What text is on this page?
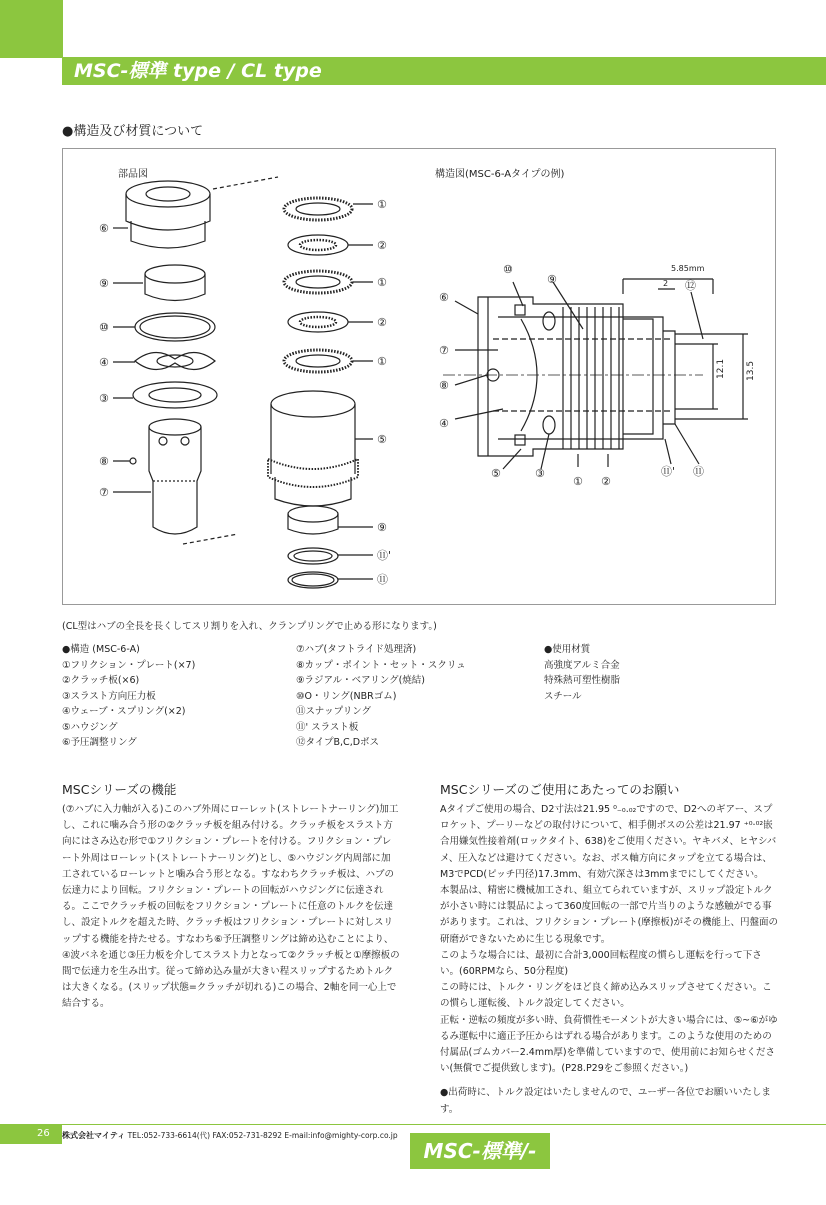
MSC-標準 type / CL type
●構造及び材質について
部品図	構造図(MSC-6-Aタイプの例)
⑥
⑨
⑩
④
③
⑧
⑦
①
②
①
②
①
⑤
⑨
⑪'
⑪
⑩
⑨
⑥
⑦
⑧
④
⑤	③
① ②
⑪' ⑪
⑫
5.85mm
2
12.1 13.5
(CL型はハブの全長を長くしてスリ割りを入れ、クランプリングで止める形になります。)
●構造 (MSC-6-A)
①フリクション・プレート(×7)
②クラッチ板(×6)
③スラスト方向圧力板
④ウェーブ・スプリング(×2)
⑤ハウジング
⑥予圧調整リング
⑦ハブ(タフトライド処理済)
⑧カップ・ポイント・セット・スクリュ
⑨ラジアル・ベアリング(焼結)
⑩O・リング(NBRゴム)
⑪スナップリング
⑪' スラスト板
⑫タイプB,C,Dボス
●使用材質
高強度アルミ合金
特殊熱可塑性樹脂
スチール
MSCシリーズの機能

(⑦ハブに入力軸が入る)このハブ外周にローレット(ストレートナーリング)加工し、これに噛み合う形の②クラッチ板を組み付ける。クラッチ板をスラスト方向にはさみ込む形で①フリクション・プレートを付ける。フリクション・プレート外周はローレット(ストレートナーリング)とし、⑤ハウジング内周部に加工されているローレットと噛み合う形となる。すなわちクラッチ板は、ハブの伝達力により回転。フリクション・プレートの回転がハウジングに伝達される。ここでクラッチ板の回転をフリクション・プレートに任意のトルクを伝達し、設定トルクを超えた時、クラッチ板はフリクション・プレートに対しスリップする機能を持たせる。すなわち⑥予圧調整リングは締め込むことにより、④波バネを通じ③圧力板を介してスラスト力となって②クラッチ板と①摩擦板の間で伝達力を生み出す。従って締め込み量が大きい程スリップするためトルクは大きくなる。(スリップ状態=クラッチが切れる)この場合、2軸を同一心上で結合する。

MSCシリーズのご使用にあたってのお願い

Aタイプご使用の場合、D2寸法は21.95 ⁰₋₀.₀₂ですので、D2へのギアー、スプロケット、プーリーなどの取付けについて、相手側ボスの公差は21.97 ⁺⁰·⁰²嵌合用嫌気性接着剤(ロックタイト、638)をご使用ください。ヤキバメ、ヒヤシバメ、圧入などは避けてください。なお、ボス軸方向にタップを立てる場合は、M3でPCD(ピッチ円径)17.3mm、有効穴深さは3mmまでにしてください。

本製品は、精密に機械加工され、組立てられていますが、スリップ設定トルクが小さい時には製品によって360度回転の一部で片当りのような感触がでる事があります。これは、フリクション・プレート(摩擦板)がその機能上、円盤面の研磨ができないために生じる現象です。

このような場合には、最初に合計3,000回転程度の慣らし運転を行って下さい。(60RPMなら、50分程度)

この時には、トルク・リングをほど良く締め込みスリップさせてください。この慣らし運転後、トルク設定してください。

正転・逆転の頻度が多い時、負荷慣性モーメントが大きい場合には、⑤~⑥がゆるみ運転中に適正予圧からはずれる場合があります。このような使用のための付属品(ゴムカバー2.4mm厚)を準備していますので、使用前にお知らせください(無償でご提供致します)。(P28.P29をご参照ください。)

●出荷時に、トルク設定はいたしませんので、ユーザー各位でお願いいたします。

26	株式会社マイティ TEL:052-733-6614(代) FAX:052-731-8292 E-mail:info@mighty-corp.co.jp
MSC-標準/-CL
